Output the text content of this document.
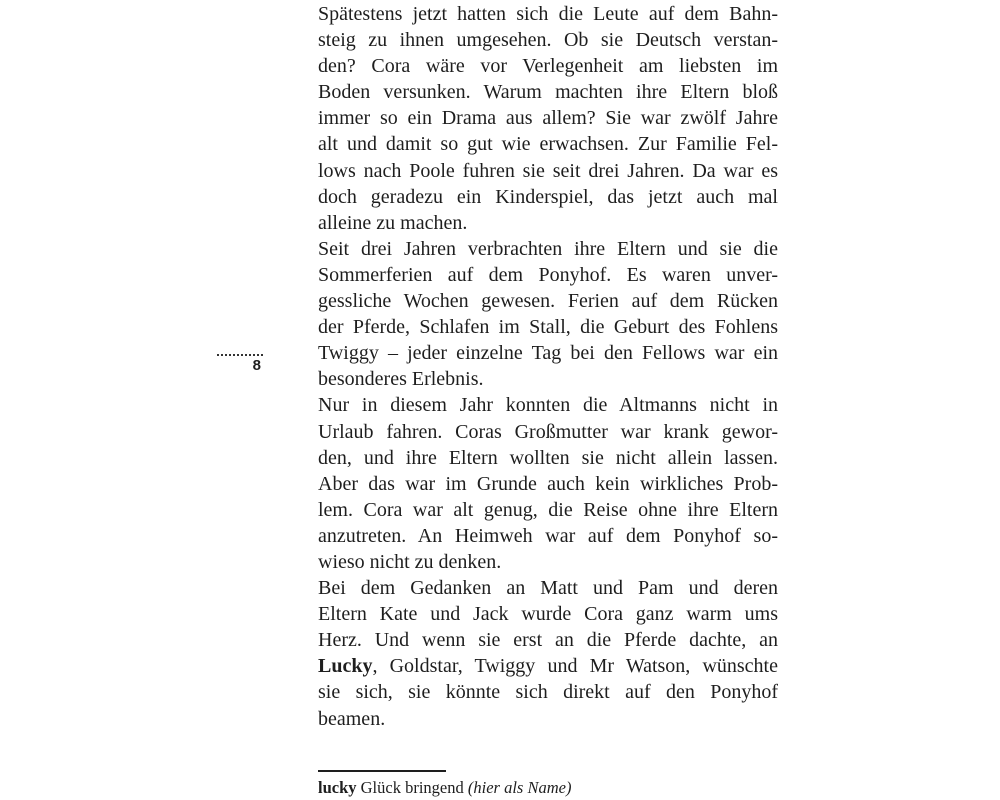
8
Spätestens jetzt hatten sich die Leute auf dem Bahn-
steig zu ihnen umgesehen. Ob sie Deutsch verstan-
den? Cora wäre vor Verlegenheit am liebsten im
Boden versunken. Warum machten ihre Eltern bloß
immer so ein Drama aus allem? Sie war zwölf Jahre
alt und damit so gut wie erwachsen. Zur Familie Fel-
lows nach Poole fuhren sie seit drei Jahren. Da war es
doch geradezu ein Kinderspiel, das jetzt auch mal
alleine zu machen.
Seit drei Jahren verbrachten ihre Eltern und sie die
Sommerferien auf dem Ponyhof. Es waren unver-
gessliche Wochen gewesen. Ferien auf dem Rücken
der Pferde, Schlafen im Stall, die Geburt des Fohlens
Twiggy – jeder einzelne Tag bei den Fellows war ein
besonderes Erlebnis.
Nur in diesem Jahr konnten die Altmanns nicht in
Urlaub fahren. Coras Großmutter war krank gewor-
den, und ihre Eltern wollten sie nicht allein lassen.
Aber das war im Grunde auch kein wirkliches Prob-
lem. Cora war alt genug, die Reise ohne ihre Eltern
anzutreten. An Heimweh war auf dem Ponyhof so-
wieso nicht zu denken.
Bei dem Gedanken an Matt und Pam und deren
Eltern Kate und Jack wurde Cora ganz warm ums
Herz. Und wenn sie erst an die Pferde dachte, an
Lucky, Goldstar, Twiggy und Mr Watson, wünschte
sie sich, sie könnte sich direkt auf den Ponyhof
beamen.
lucky Glück bringend (hier als Name)
